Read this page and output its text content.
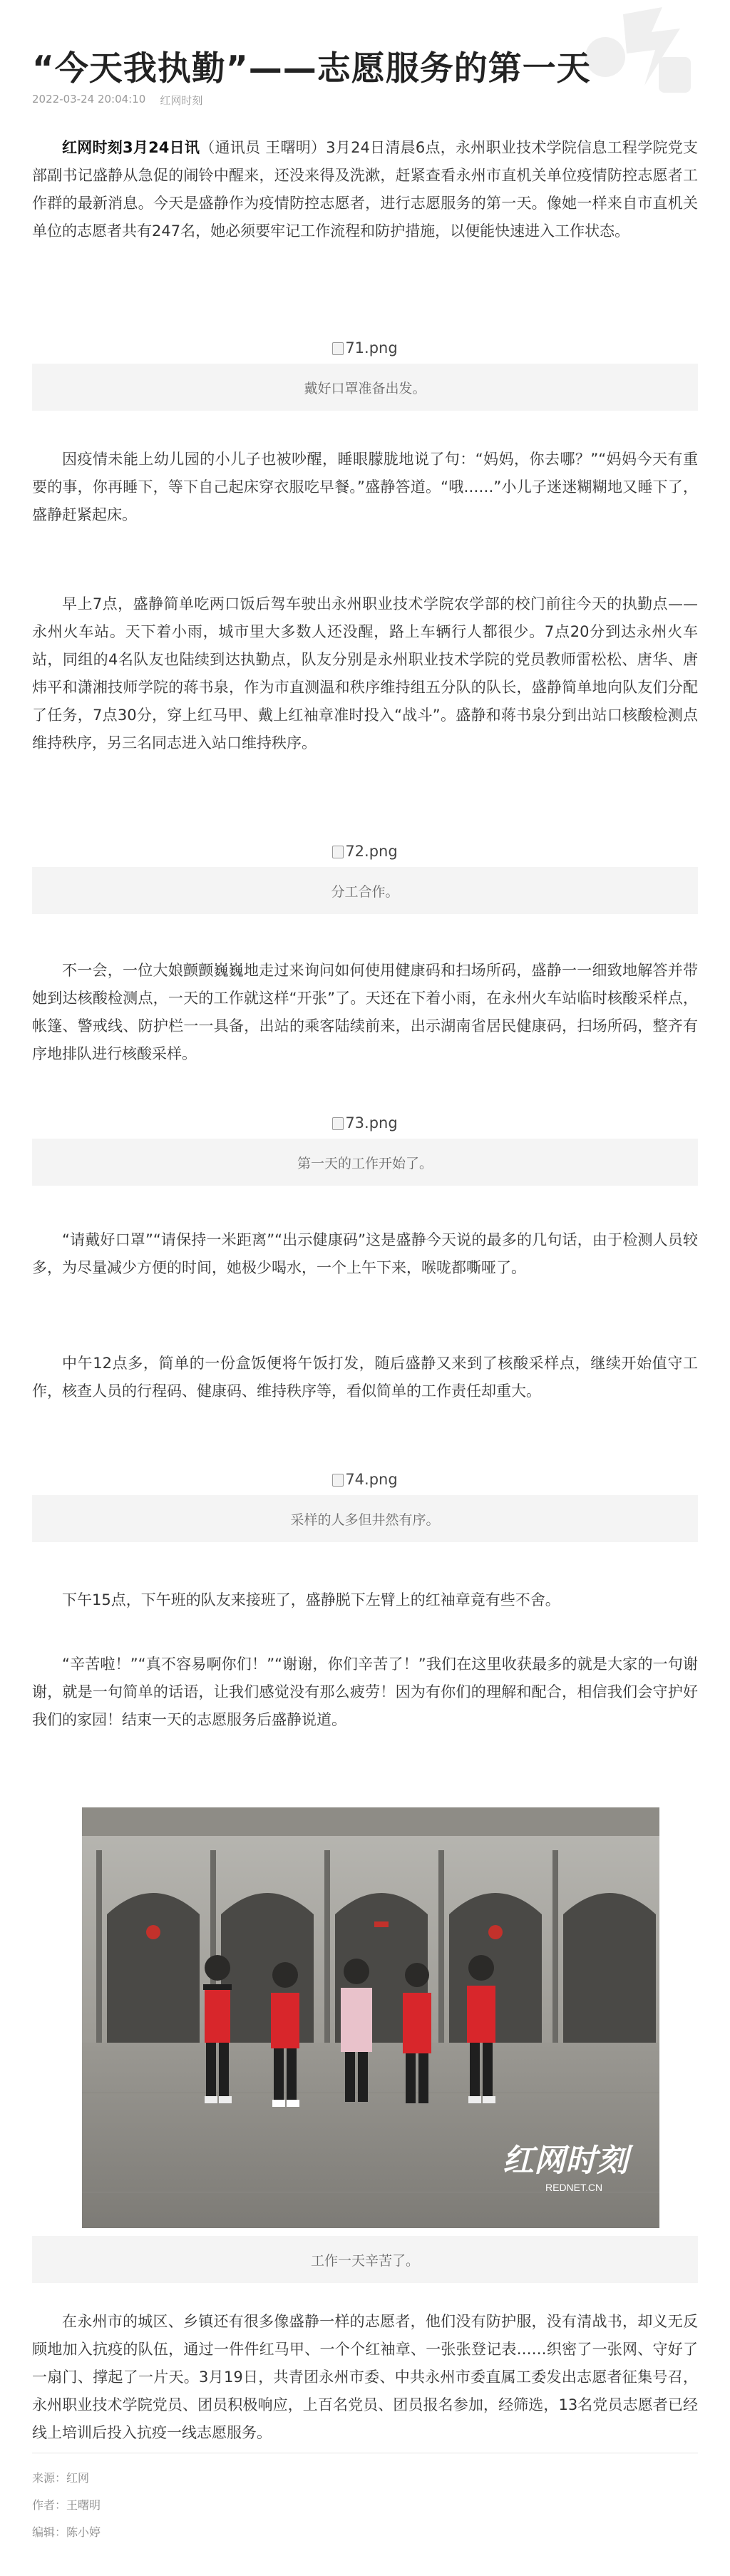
“今天我执勤”——志愿服务的第一天
2022-03-24 20:04:10 红网时刻

红网时刻3月24日讯（通讯员 王曙明）3月24日清晨6点，永州职业技术学院信息工程学院党支部副书记盛静从急促的闹铃中醒来，还没来得及洗漱，赶紧查看永州市直机关单位疫情防控志愿者工作群的最新消息。今天是盛静作为疫情防控志愿者，进行志愿服务的第一天。像她一样来自市直机关单位的志愿者共有247名，她必须要牢记工作流程和防护措施，以便能快速进入工作状态。

71.png
戴好口罩准备出发。

因疫情未能上幼儿园的小儿子也被吵醒，睡眼朦胧地说了句：“妈妈，你去哪？”“妈妈今天有重要的事，你再睡下，等下自己起床穿衣服吃早餐。”盛静答道。“哦……”小儿子迷迷糊糊地又睡下了，盛静赶紧起床。

早上7点，盛静简单吃两口饭后驾车驶出永州职业技术学院农学部的校门前往今天的执勤点——永州火车站。天下着小雨，城市里大多数人还没醒，路上车辆行人都很少。7点20分到达永州火车站，同组的4名队友也陆续到达执勤点，队友分别是永州职业技术学院的党员教师雷松松、唐华、唐炜平和潇湘技师学院的蒋书泉，作为市直测温和秩序维持组五分队的队长，盛静简单地向队友们分配了任务，7点30分，穿上红马甲、戴上红袖章准时投入“战斗”。盛静和蒋书泉分到出站口核酸检测点维持秩序，另三名同志进入站口维持秩序。

72.png
分工合作。

不一会，一位大娘颤颤巍巍地走过来询问如何使用健康码和扫场所码，盛静一一细致地解答并带她到达核酸检测点，一天的工作就这样“开张”了。天还在下着小雨，在永州火车站临时核酸采样点，帐篷、警戒线、防护栏一一具备，出站的乘客陆续前来，出示湖南省居民健康码，扫场所码，整齐有序地排队进行核酸采样。

73.png
第一天的工作开始了。

“请戴好口罩”“请保持一米距离”“出示健康码”这是盛静今天说的最多的几句话，由于检测人员较多，为尽量减少方便的时间，她极少喝水，一个上午下来，喉咙都嘶哑了。

中午12点多，简单的一份盒饭便将午饭打发，随后盛静又来到了核酸采样点，继续开始值守工作，核查人员的行程码、健康码、维持秩序等，看似简单的工作责任却重大。

74.png
采样的人多但井然有序。

下午15点，下午班的队友来接班了，盛静脱下左臂上的红袖章竟有些不舍。

“辛苦啦！”“真不容易啊你们！”“谢谢，你们辛苦了！”我们在这里收获最多的就是大家的一句谢谢，就是一句简单的话语，让我们感觉没有那么疲劳！因为有你们的理解和配合，相信我们会守护好我们的家园！结束一天的志愿服务后盛静说道。

红网时刻
REDNET.CN
工作一天辛苦了。

在永州市的城区、乡镇还有很多像盛静一样的志愿者，他们没有防护服，没有清战书，却义无反顾地加入抗疫的队伍，通过一件件红马甲、一个个红袖章、一张张登记表……织密了一张网、守好了一扇门、撑起了一片天。3月19日，共青团永州市委、中共永州市委直属工委发出志愿者征集号召，永州职业技术学院党员、团员积极响应，上百名党员、团员报名参加，经筛选，13名党员志愿者已经线上培训后投入抗疫一线志愿服务。

来源：红网
作者：王曙明
编辑：陈小婷
